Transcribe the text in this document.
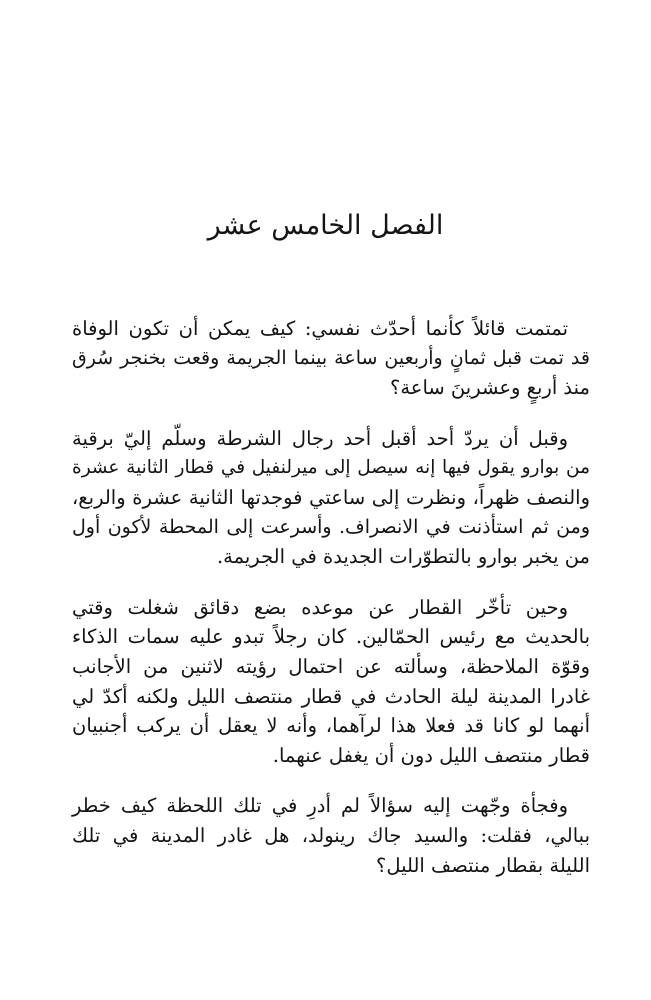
الفصل الخامس عشر

تمتمت قائلاً كأنما أحدّث نفسي: كيف يمكن أن تكون الوفاة
قد تمت قبل ثمانٍ وأربعين ساعة بينما الجريمة وقعت بخنجر سُرق
منذ أربعٍ وعشرينَ ساعة؟

وقبل أن يردّ أحد أقبل أحد رجال الشرطة وسلّم إليّ برقية
من بوارو يقول فيها إنه سيصل إلى ميرلنفيل في قطار الثانية عشرة
والنصف ظهراً، ونظرت إلى ساعتي فوجدتها الثانية عشرة والربع،
ومن ثم استأذنت في الانصراف. وأسرعت إلى المحطة لأكون أول
من يخبر بوارو بالتطوّرات الجديدة في الجريمة.

وحين تأخّر القطار عن موعده بضع دقائق شغلت وقتي
بالحديث مع رئيس الحمّالين. كان رجلاً تبدو عليه سمات الذكاء
وقوّة الملاحظة، وسألته عن احتمال رؤيته لاثنين من الأجانب
غادرا المدينة ليلة الحادث في قطار منتصف الليل ولكنه أكدّ لي
أنهما لو كانا قد فعلا هذا لرآهما، وأنه لا يعقل أن يركب أجنبيان
قطار منتصف الليل دون أن يغفل عنهما.

وفجأة وجّهت إليه سؤالاً لم أدرِ في تلك اللحظة كيف خطر
ببالي، فقلت: والسيد جاك رينولد، هل غادر المدينة في تلك
الليلة بقطار منتصف الليل؟
